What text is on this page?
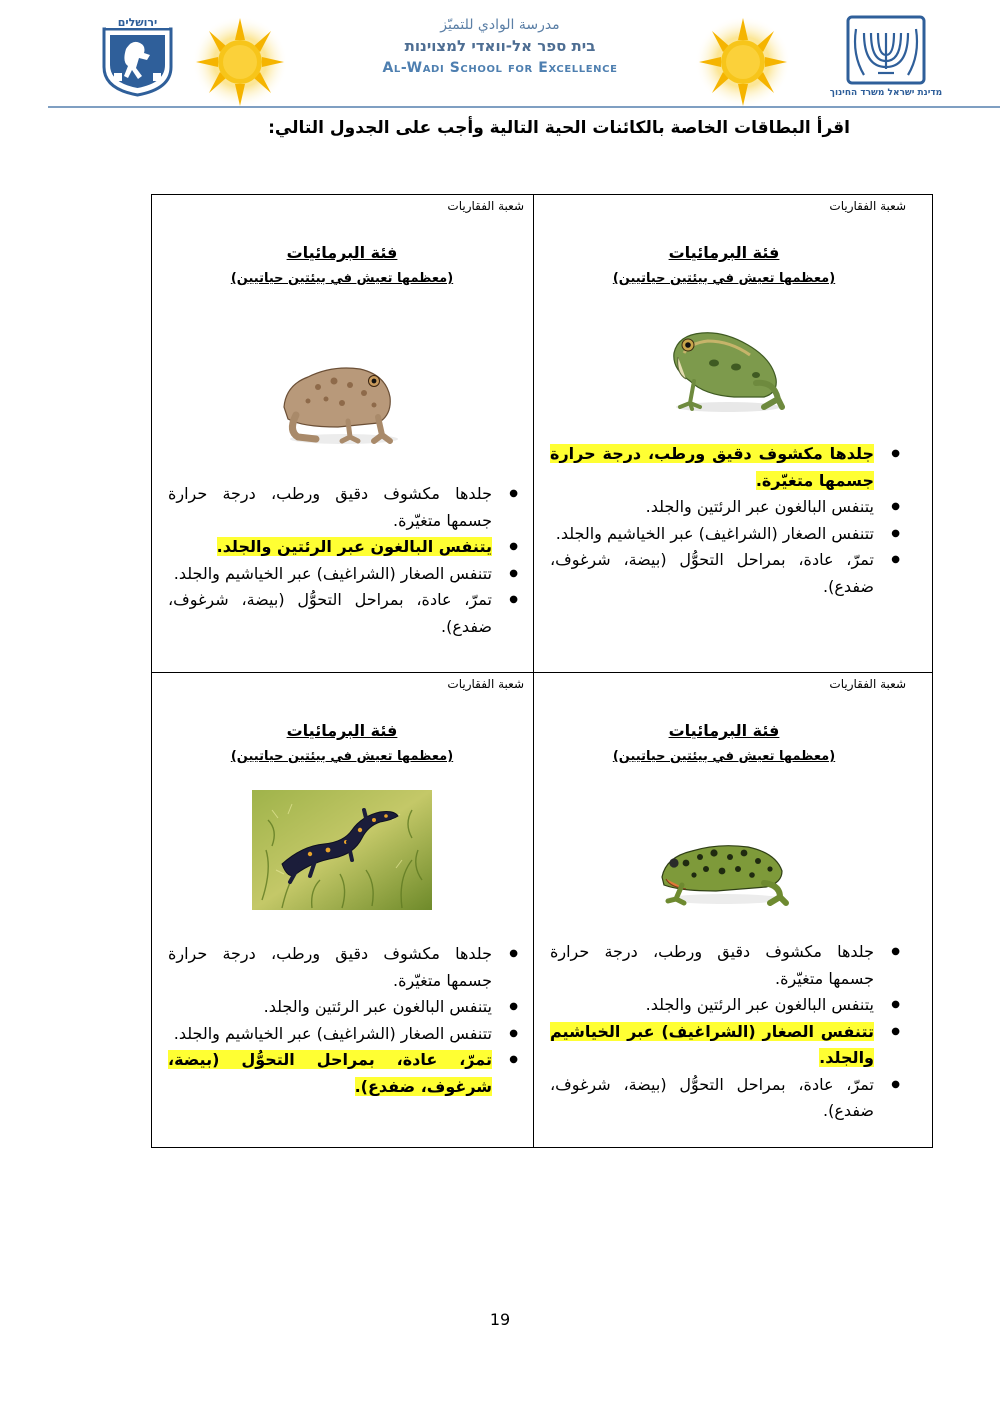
ירושלים	مدرسة الوادي للتميّز
בית ספר אל-וואדי למצוינות
Al-Wadi School for Excellence
מדינת ישראל משרד החינוך
اقرأ البطاقات الخاصة بالكائنات الحية التالية وأجب على الجدول التالي:
شعبة الفقاريات
فئة البرمائيات
(معظمها تعيش في بيئتين حياتيين)
● جلدها مكشوف دقيق ورطب، درجة حرارة جسمها متغيّرة.
● يتنفس البالغون عبر الرئتين والجلد.
● تتنفس الصغار (الشراغيف) عبر الخياشيم والجلد.
● تمرّ، عادة، بمراحل التحوُّل (بيضة، شرغوف، ضفدع).
شعبة الفقاريات
فئة البرمائيات
(معظمها تعيش في بيئتين حياتيين)
● جلدها مكشوف دقيق ورطب، درجة حرارة جسمها متغيّرة.
● يتنفس البالغون عبر الرئتين والجلد.
● تتنفس الصغار (الشراغيف) عبر الخياشيم والجلد.
● تمرّ، عادة، بمراحل التحوُّل (بيضة، شرغوف، ضفدع).
شعبة الفقاريات
فئة البرمائيات
(معظمها تعيش في بيئتين حياتيين)
● جلدها مكشوف دقيق ورطب، درجة حرارة جسمها متغيّرة.
● يتنفس البالغون عبر الرئتين والجلد.
● تتنفس الصغار (الشراغيف) عبر الخياشيم والجلد.
● تمرّ، عادة، بمراحل التحوُّل (بيضة، شرغوف، ضفدع).
شعبة الفقاريات
فئة البرمائيات
(معظمها تعيش في بيئتين حياتيين)
● جلدها مكشوف دقيق ورطب، درجة حرارة جسمها متغيّرة.
● يتنفس البالغون عبر الرئتين والجلد.
● تتنفس الصغار (الشراغيف) عبر الخياشيم والجلد.
● تمرّ، عادة، بمراحل التحوُّل (بيضة، شرغوف، ضفدع).
19
